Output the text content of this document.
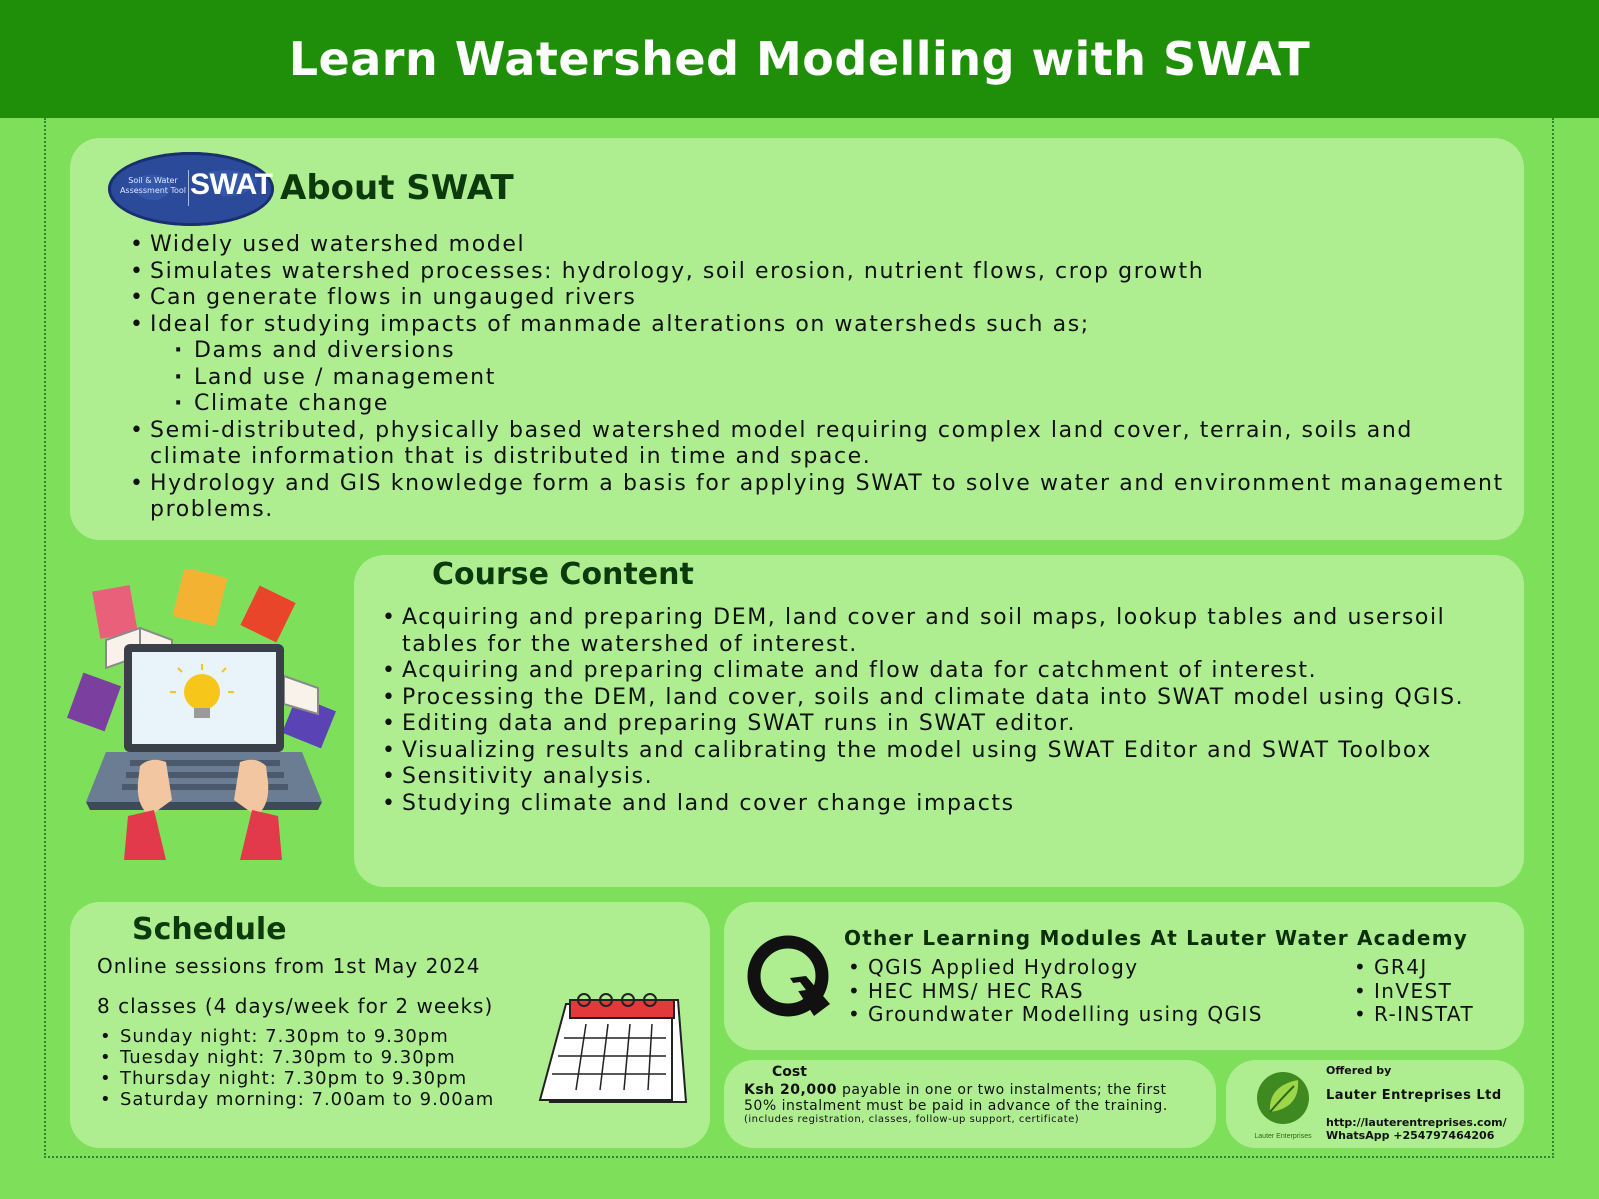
Learn Watershed Modelling with SWAT
Soil & Water Assessment Tool SWAT About SWAT
• Widely used watershed model
• Simulates watershed processes: hydrology, soil erosion, nutrient flows, crop growth
• Can generate flows in ungauged rivers
• Ideal for studying impacts of manmade alterations on watersheds such as;
· Dams and diversions
· Land use / management
· Climate change
• Semi-distributed, physically based watershed model requiring complex land cover, terrain, soils and climate information that is distributed in time and space.
• Hydrology and GIS knowledge form a basis for applying SWAT to solve water and environment management problems.
Course Content
• Acquiring and preparing DEM, land cover and soil maps, lookup tables and usersoil tables for the watershed of interest.
• Acquiring and preparing climate and flow data for catchment of interest.
• Processing the DEM, land cover, soils and climate data into SWAT model using QGIS.
• Editing data and preparing SWAT runs in SWAT editor.
• Visualizing results and calibrating the model using SWAT Editor and SWAT Toolbox
• Sensitivity analysis.
• Studying climate and land cover change impacts
Schedule
Online sessions from 1st May 2024
8 classes (4 days/week for 2 weeks)
• Sunday night: 7.30pm to 9.30pm
• Tuesday night: 7.30pm to 9.30pm
• Thursday night: 7.30pm to 9.30pm
• Saturday morning: 7.00am to 9.00am
Other Learning Modules At Lauter Water Academy
• QGIS Applied Hydrology
• HEC HMS/ HEC RAS
• Groundwater Modelling using QGIS
• GR4J
• InVEST
• R-INSTAT
Cost
Ksh 20,000 payable in one or two instalments; the first 50% instalment must be paid in advance of the training.
(includes registration, classes, follow-up support, certificate)
Lauter Enterprises
Offered by
Lauter Entreprises Ltd
http://lauterentreprises.com/
WhatsApp +254797464206
